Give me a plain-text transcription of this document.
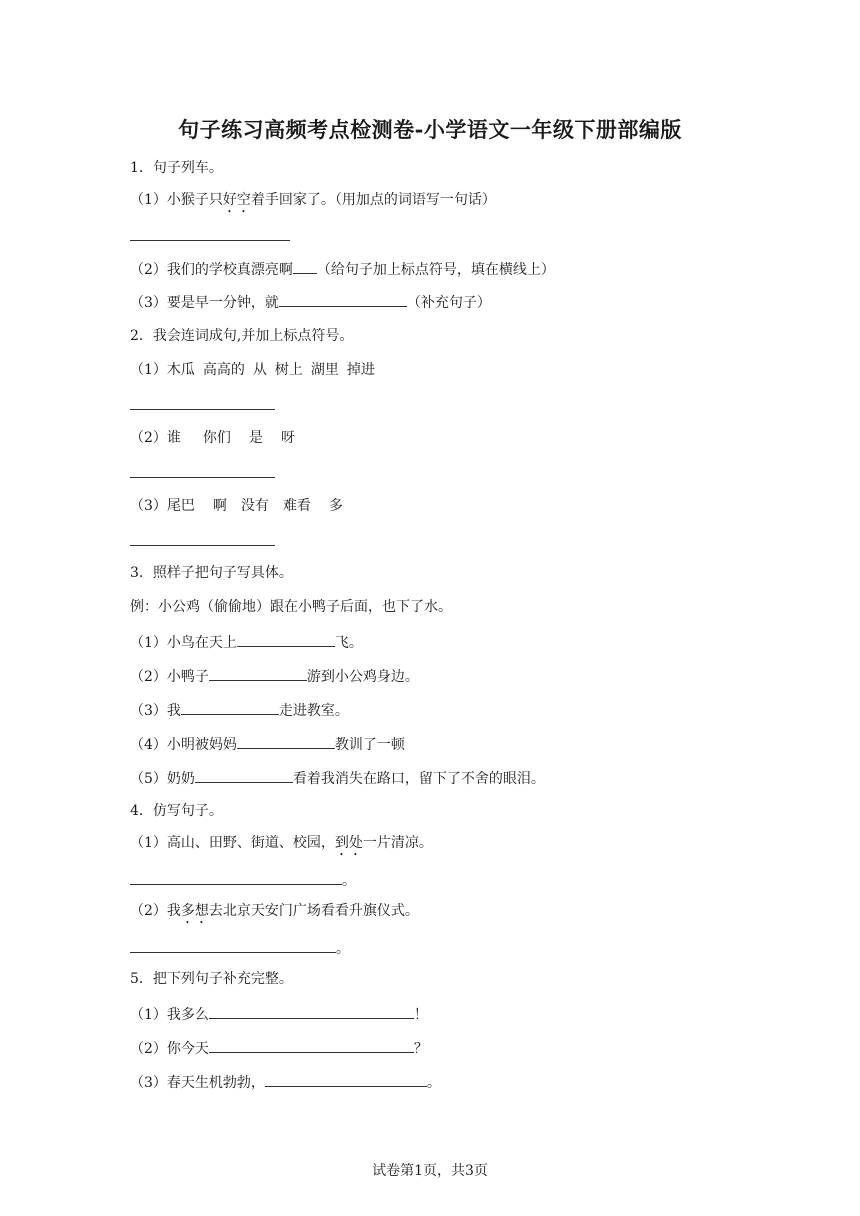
句子练习高频考点检测卷-小学语文一年级下册部编版
1．句子列车。
（1）小猴子只好空着手回家了。（用加点的词语写一句话）
（2）我们的学校真漂亮啊 （给句子加上标点符号，填在横线上）
（3）要是早一分钟，就	（补充句子）
2．我会连词成句,并加上标点符号。
（1）木瓜 高高的 从 树上 湖里 掉进
（2）谁 你们 是 呀
（3）尾巴 啊 没有 难看 多
3．照样子把句子写具体。
例：小公鸡（偷偷地）跟在小鸭子后面，也下了水。
（1）小鸟在天上	飞。
（2）小鸭子	游到小公鸡身边。
（3）我	走进教室。
（4）小明被妈妈	教训了一顿
（5）奶奶	看着我消失在路口，留下了不舍的眼泪。
4．仿写句子。
（1）高山、田野、街道、校园，到处一片清凉。
。
（2）我多想去北京天安门广场看看升旗仪式。
。
5．把下列句子补充完整。
（1）我多么	！
（2）你今天	？
（3）春天生机勃勃，	。
试卷第1页，共3页
